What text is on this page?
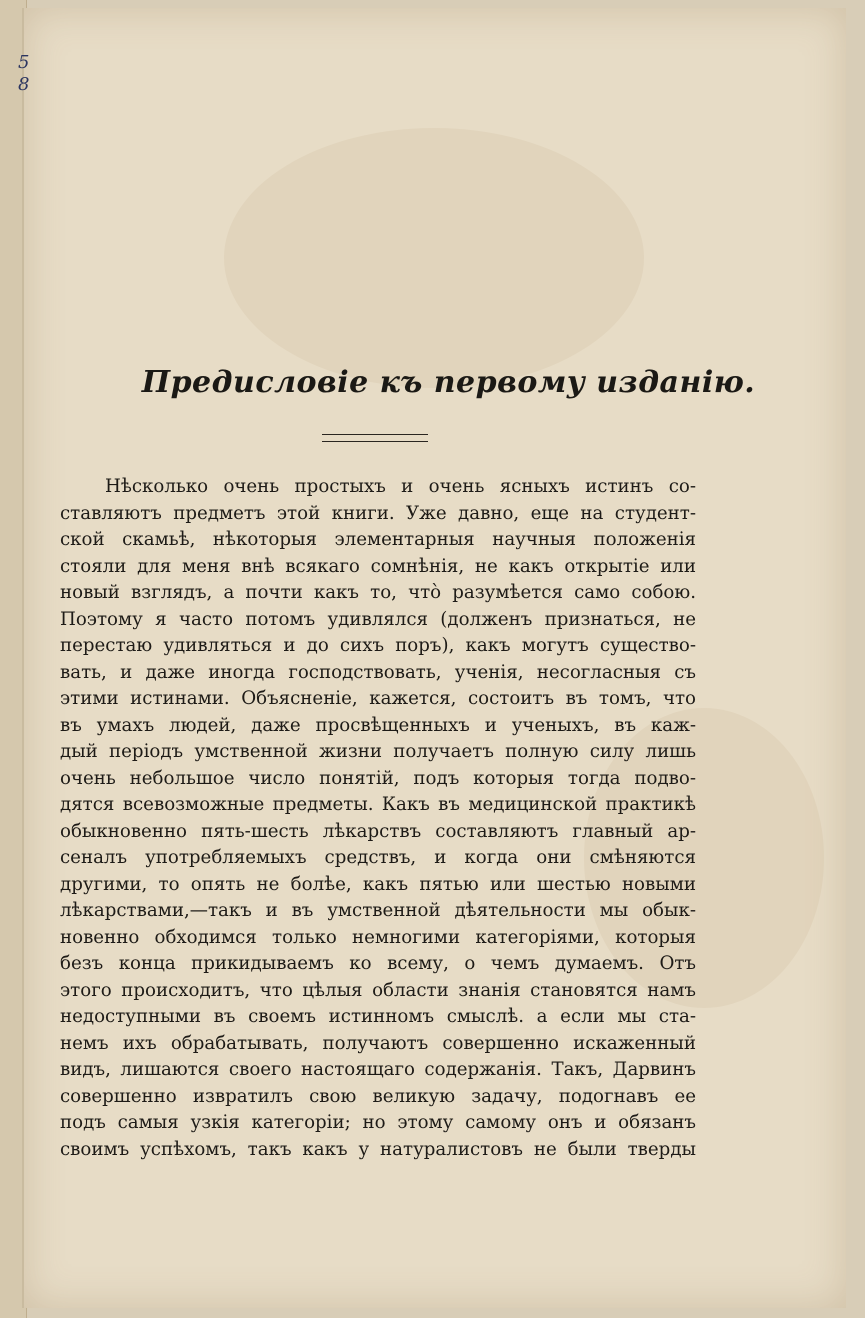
58
Предисловіе къ первому изданію.
Нѣсколько очень простыхъ и очень ясныхъ истинъ со-
ставляютъ предметъ этой книги. Уже давно, еще на студент-
ской скамьѣ, нѣкоторыя элементарныя научныя положенія
стояли для меня внѣ всякаго сомнѣнія, не какъ открытіе или
новый взглядъ, а почти какъ то, что̀ разумѣется само собою.
Поэтому я часто потомъ удивлялся (долженъ признаться, не
перестаю удивляться и до сихъ поръ), какъ могутъ существо-
вать, и даже иногда господствовать, ученія, несогласныя съ
этими истинами. Объясненіе, кажется, состоитъ въ томъ, что
въ умахъ людей, даже просвѣщенныхъ и ученыхъ, въ каж-
дый періодъ умственной жизни получаетъ полную силу лишь
очень небольшое число понятій, подъ которыя тогда подво-
дятся всевозможные предметы. Какъ въ медицинской практикѣ
обыкновенно пять-шесть лѣкарствъ составляютъ главный ар-
сеналъ употребляемыхъ средствъ, и когда они смѣняются
другими, то опять не болѣе, какъ пятью или шестью новыми
лѣкарствами,—такъ и въ умственной дѣятельности мы обык-
новенно обходимся только немногими категоріями, которыя
безъ конца прикидываемъ ко всему, о чемъ думаемъ. Отъ
этого происходитъ, что цѣлыя области знанія становятся намъ
недоступными въ своемъ истинномъ смыслѣ. а если мы ста-
немъ ихъ обрабатывать, получаютъ совершенно искаженный
видъ, лишаются своего настоящаго содержанія. Такъ, Дарвинъ
совершенно извратилъ свою великую задачу, подогнавъ ее
подъ самыя узкія категоріи; но этому самому онъ и обязанъ
своимъ успѣхомъ, такъ какъ у натуралистовъ не были тверды
